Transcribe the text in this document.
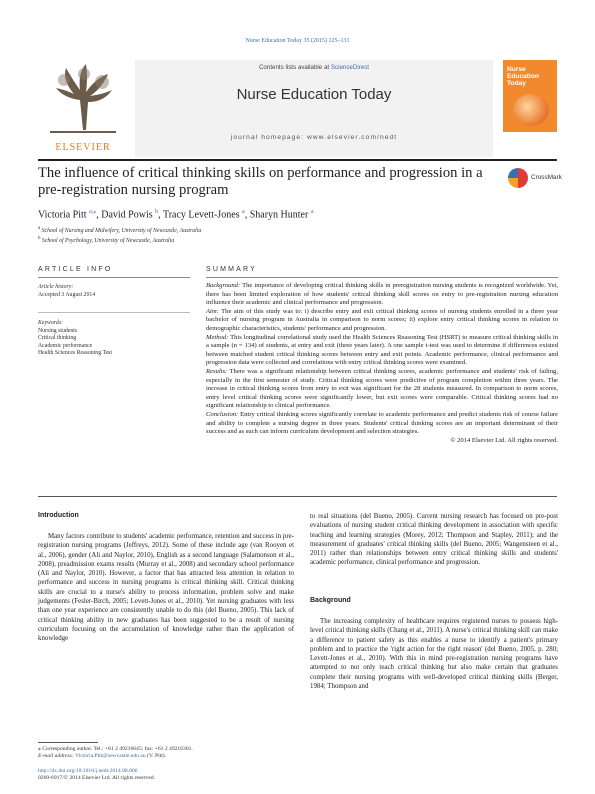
Nurse Education Today 35 (2015) 125–131
ELSEVIER
Contents lists available at ScienceDirect
Nurse Education Today
journal homepage: www.elsevier.com/nedt
Nurse
Education
Today
The influence of critical thinking skills on performance and progression in a pre-registration nursing program
CrossMark
Victoria Pitt $^{a,⁎}$, David Powis $^b$, Tracy Levett-Jones $^a$, Sharyn Hunter $^a$
$^a$ School of Nursing and Midwifery, University of Newcastle, Australia
$^b$ School of Psychology, University of Newcastle, Australia
ARTICLE INFO
Article history:
Accepted 3 August 2014
Keywords:
Nursing students
Critical thinking
Academic performance
Health Sciences Reasoning Test
SUMMARY

Background: The importance of developing critical thinking skills in preregistration nursing students is recognized worldwide. Yet, there has been limited exploration of how students' critical thinking skill scores on entry to pre-registration nursing education influence their academic and clinical performance and progression.

Aim: The aim of this study was to: i) describe entry and exit critical thinking scores of nursing students enrolled in a three year bachelor of nursing program in Australia in comparison to norm scores; ii) explore entry critical thinking scores in relation to demographic characteristics, students' performance and progression.

Method: This longitudinal correlational study used the Health Sciences Reasoning Test (HSRT) to measure critical thinking skills in a sample (n = 134) of students, at entry and exit (three years later). A one sample t-test was used to determine if differences existed between matched student critical thinking scores between entry and exit points. Academic performance, clinical performance and progression data were collected and correlations with entry critical thinking scores were examined.

Results: There was a significant relationship between critical thinking scores, academic performance and students' risk of failing, especially in the first semester of study. Critical thinking scores were predictive of program completion within three years. The increase in critical thinking scores from entry to exit was significant for the 28 students measured. In comparison to norm scores, entry level critical thinking scores were significantly lower, but exit scores were comparable. Critical thinking scores had no significant relationship to clinical performance.

Conclusion: Entry critical thinking scores significantly correlate to academic performance and predict students risk of course failure and ability to complete a nursing degree in three years. Students' critical thinking scores are an important determinant of their success and as such can inform curriculum development and selection strategies.

© 2014 Elsevier Ltd. All rights reserved.

Introduction

Many factors contribute to students' academic performance, retention and success in pre-registration nursing programs (Jeffreys, 2012). Some of these include age (van Rooyen et al., 2006), gender (Ali and Naylor, 2010), English as a second language (Salamonson et al., 2008), preadmission exams results (Murray et al., 2008) and secondary school performance (Ali and Naylor, 2010). However, a factor that has attracted less attention in relation to performance and success in nursing programs is critical thinking skill. Critical thinking skills are crucial to a nurse's ability to process information, problem solve and make judgements (Fesler-Birch, 2005; Levett-Jones et al., 2010). Yet nursing graduates with less than one year experience are consistently unable to do this (del Bueno, 2005). This lack of critical thinking ability in new graduates has been suggested to be a result of nursing curriculum focusing on the accumulation of knowledge rather than the application of knowledge

to real situations (del Bueno, 2005). Current nursing research has focused on pre-post evaluations of nursing student critical thinking development in association with specific teaching and learning strategies (Morey, 2012; Thompson and Stapley, 2011); and the measurement of graduates' critical thinking skills (del Bueno, 2005; Wangensteen et al., 2011) rather than relationships between entry critical thinking skills and students' academic performance, clinical performance and progression.

Background

The increasing complexity of healthcare requires registered nurses to possess high-level critical thinking skills (Chang et al., 2011). A nurse's critical thinking skill can make a difference to patient safety as this enables a nurse to identify a patient's primary problem and to practice the 'right action for the right reason' (del Bueno, 2005, p. 280; Levett-Jones et al., 2010). With this in mind pre-registration nursing programs have attempted to not only teach critical thinking but also make certain that graduates complete their nursing programs with well-developed critical thinking skills (Berger, 1984; Thompson and

⁎ Corresponding author. Tel.: +61 2 49216645; fax: +61 2 49216301.
E-mail address: Victoria.Pitt@newcastle.edu.au (V. Pitt).
http://dx.doi.org/10.1016/j.nedt.2014.08.006
0260-6917/© 2014 Elsevier Ltd. All rights reserved.
